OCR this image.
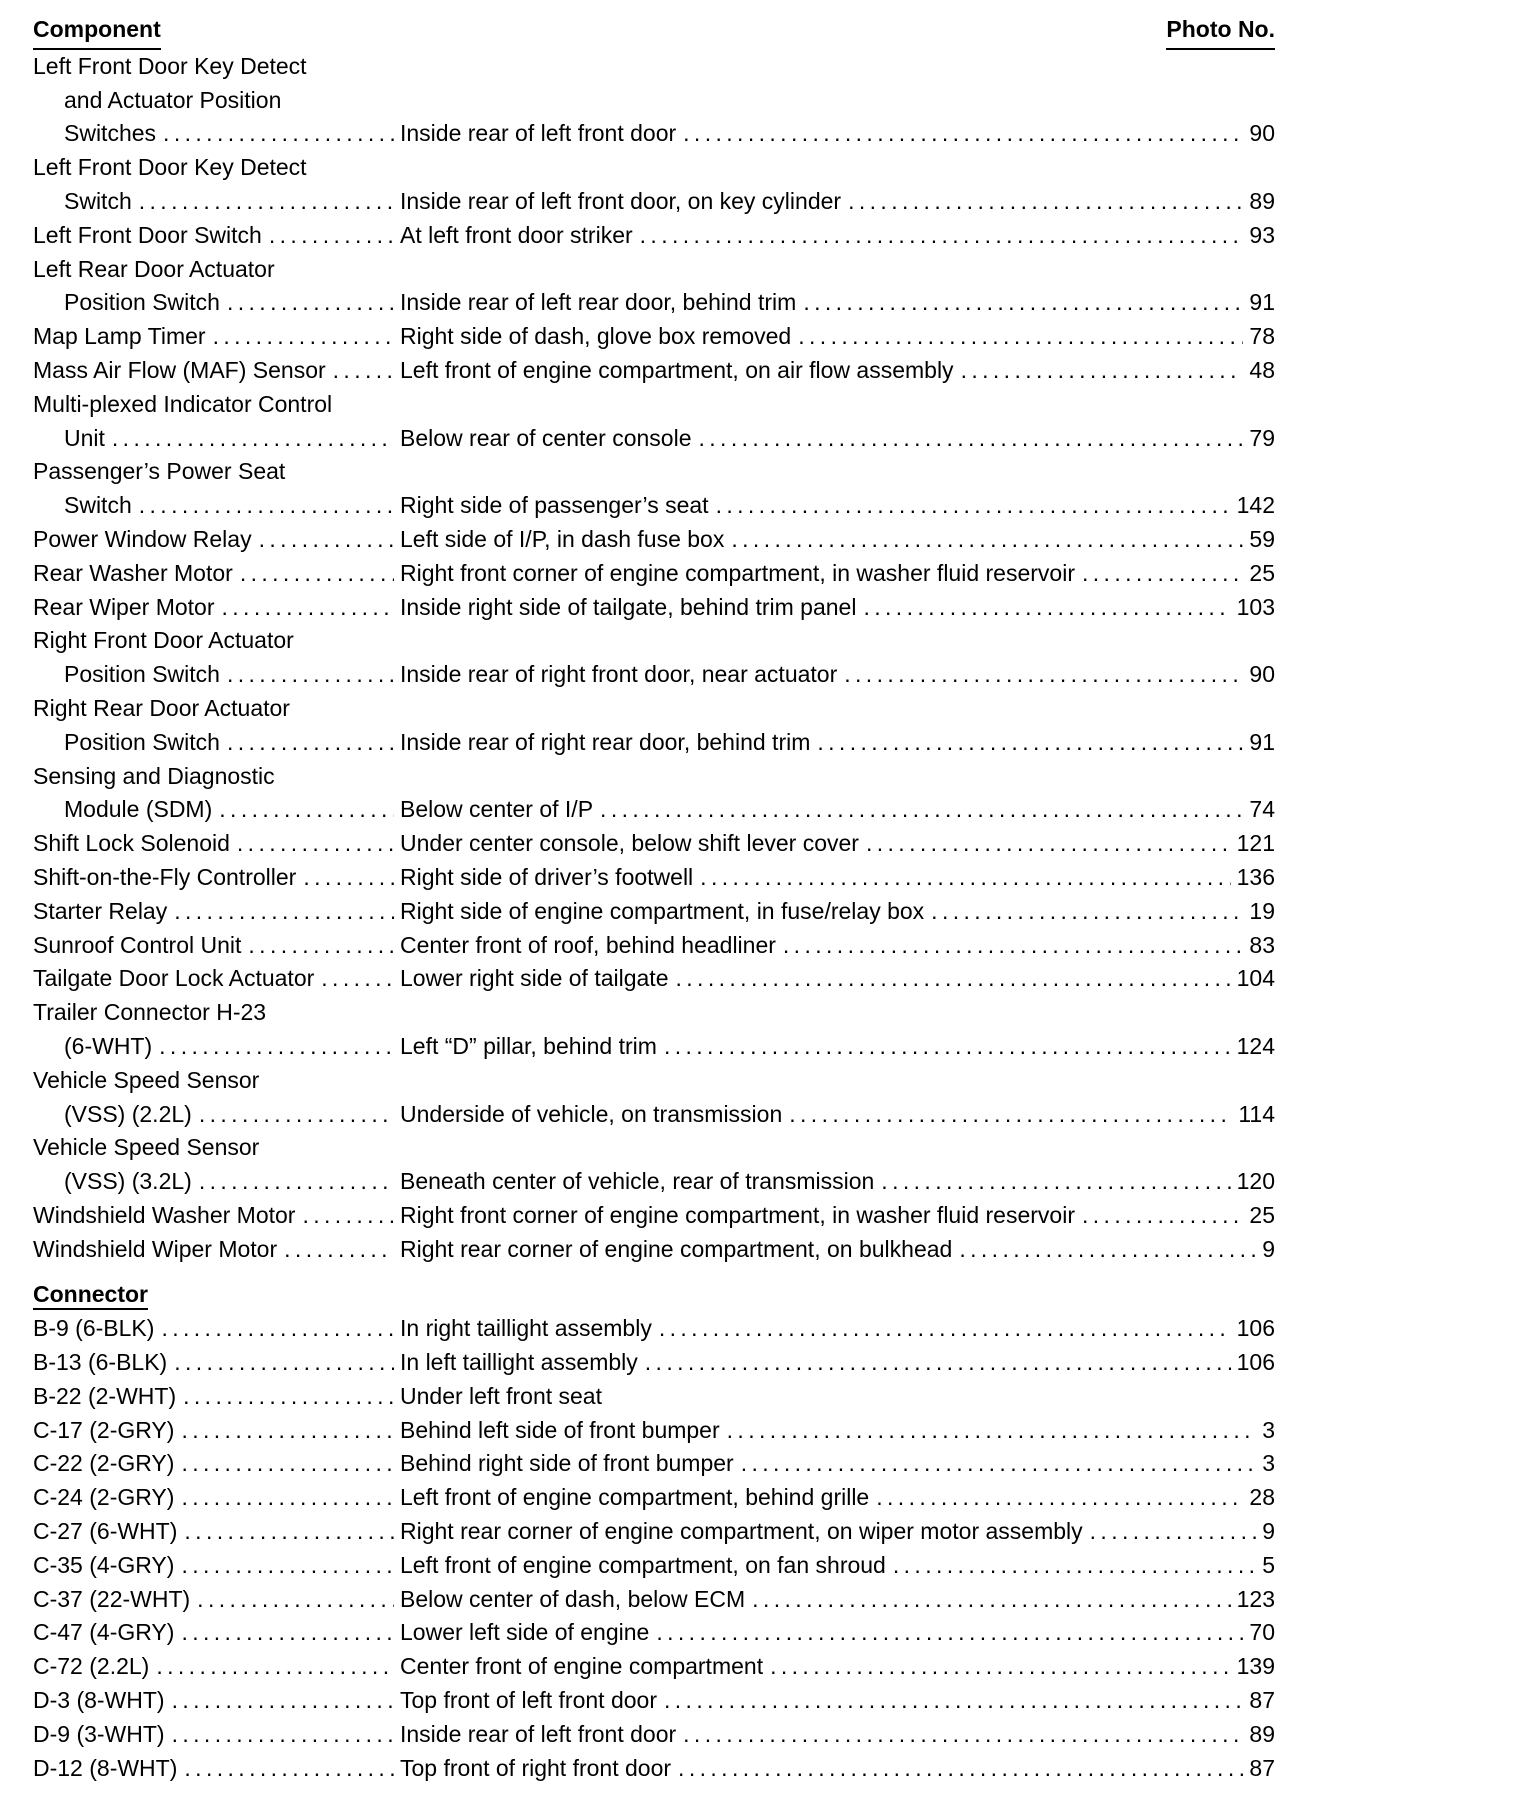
Component	Photo No.
Left Front Door Key Detect
and Actuator Position
Switches . . .	Inside rear of left front door . . .	90
Left Front Door Key Detect
Switch . . .	Inside rear of left front door, on key cylinder . . .	89
Left Front Door Switch . . .	At left front door striker . . .	93
Left Rear Door Actuator
Position Switch . . .	Inside rear of left rear door, behind trim . . .	91
Map Lamp Timer . . .	Right side of dash, glove box removed . . .	78
Mass Air Flow (MAF) Sensor . . .	Left front of engine compartment, on air flow assembly . . .	48
Multi-plexed Indicator Control
Unit . . .	Below rear of center console . . .	79
Passenger’s Power Seat
Switch . . .	Right side of passenger’s seat . . .	142
Power Window Relay . . .	Left side of I/P, in dash fuse box . . .	59
Rear Washer Motor . . .	Right front corner of engine compartment, in washer fluid reservoir . . .	25
Rear Wiper Motor . . .	Inside right side of tailgate, behind trim panel . . .	103
Right Front Door Actuator
Position Switch . . .	Inside rear of right front door, near actuator . . .	90
Right Rear Door Actuator
Position Switch . . .	Inside rear of right rear door, behind trim . . .	91
Sensing and Diagnostic
Module (SDM) . . .	Below center of I/P . . .	74
Shift Lock Solenoid . . .	Under center console, below shift lever cover . . .	121
Shift-on-the-Fly Controller . . .	Right side of driver’s footwell . . .	136
Starter Relay . . .	Right side of engine compartment, in fuse/relay box . . .	19
Sunroof Control Unit . . .	Center front of roof, behind headliner . . .	83
Tailgate Door Lock Actuator . . .	Lower right side of tailgate . . .	104
Trailer Connector H-23
(6-WHT) . . .	Left “D” pillar, behind trim . . .	124
Vehicle Speed Sensor
(VSS) (2.2L) . . .	Underside of vehicle, on transmission . . .	114
Vehicle Speed Sensor
(VSS) (3.2L) . . .	Beneath center of vehicle, rear of transmission . . .	120
Windshield Washer Motor . . .	Right front corner of engine compartment, in washer fluid reservoir . . .	25
Windshield Wiper Motor . . .	Right rear corner of engine compartment, on bulkhead . . .	9
Connector
B-9 (6-BLK) . . .	In right taillight assembly . . .	106
B-13 (6-BLK) . . .	In left taillight assembly . . .	106
B-22 (2-WHT) . . .	Under left front seat
C-17 (2-GRY) . . .	Behind left side of front bumper . . .	3
C-22 (2-GRY) . . .	Behind right side of front bumper . . .	3
C-24 (2-GRY) . . .	Left front of engine compartment, behind grille . . .	28
C-27 (6-WHT) . . .	Right rear corner of engine compartment, on wiper motor assembly . . .	9
C-35 (4-GRY) . . .	Left front of engine compartment, on fan shroud . . .	5
C-37 (22-WHT) . . .	Below center of dash, below ECM . . .	123
C-47 (4-GRY) . . .	Lower left side of engine . . .	70
C-72 (2.2L) . . .	Center front of engine compartment . . .	139
D-3 (8-WHT) . . .	Top front of left front door . . .	87
D-9 (3-WHT) . . .	Inside rear of left front door . . .	89
D-12 (8-WHT) . . .	Top front of right front door . . .	87
